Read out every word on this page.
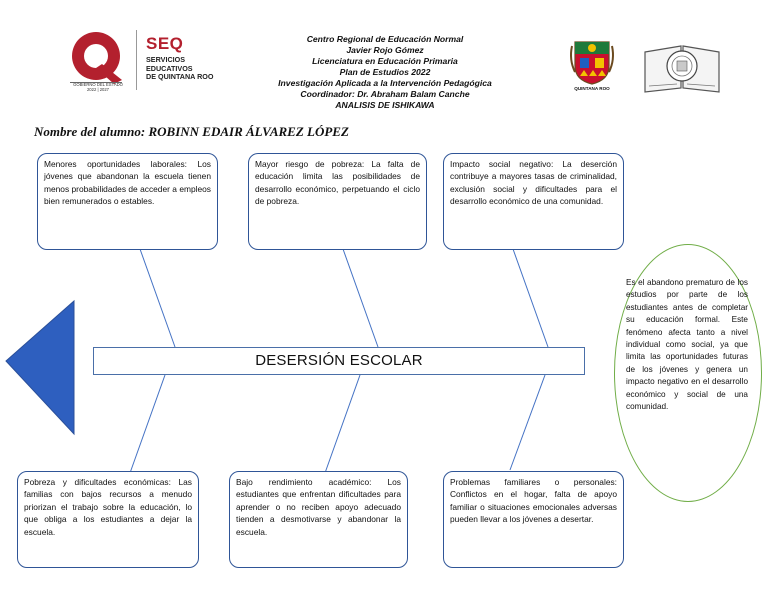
GOBIERNO DEL ESTADO 2022 | 2027
SEQ
SERVICIOS
EDUCATIVOS
DE QUINTANA ROO
Centro Regional de Educación Normal
Javier Rojo Gómez
Licenciatura en Educación Primaria
Plan de Estudios 2022
Investigación Aplicada a la Intervención Pedagógica
Coordinador: Dr. Abraham Balam Canche
ANALISIS DE ISHIKAWA
QUINTANA ROO
Nombre del alumno: ROBINN EDAIR ÁLVAREZ LÓPEZ
Menores oportunidades laborales: Los jóvenes que abandonan la escuela tienen menos probabilidades de acceder a empleos bien remunerados o estables.
Mayor riesgo de pobreza: La falta de educación limita las posibilidades de desarrollo económico, perpetuando el ciclo de pobreza.
Impacto social negativo: La deserción contribuye a mayores tasas de criminalidad, exclusión social y dificultades para el desarrollo económico de una comunidad.
DESERSIÓN ESCOLAR
Pobreza y dificultades económicas: Las familias con bajos recursos a menudo priorizan el trabajo sobre la educación, lo que obliga a los estudiantes a dejar la escuela.
Bajo rendimiento académico: Los estudiantes que enfrentan dificultades para aprender o no reciben apoyo adecuado tienden a desmotivarse y abandonar la escuela.
Problemas familiares o personales: Conflictos en el hogar, falta de apoyo familiar o situaciones emocionales adversas pueden llevar a los jóvenes a desertar.
Es el abandono prematuro de los estudios por parte de los estudiantes antes de completar su educación formal. Este fenómeno afecta tanto a nivel individual como social, ya que limita las oportunidades futuras de los jóvenes y genera un impacto negativo en el desarrollo económico y social de una comunidad.
